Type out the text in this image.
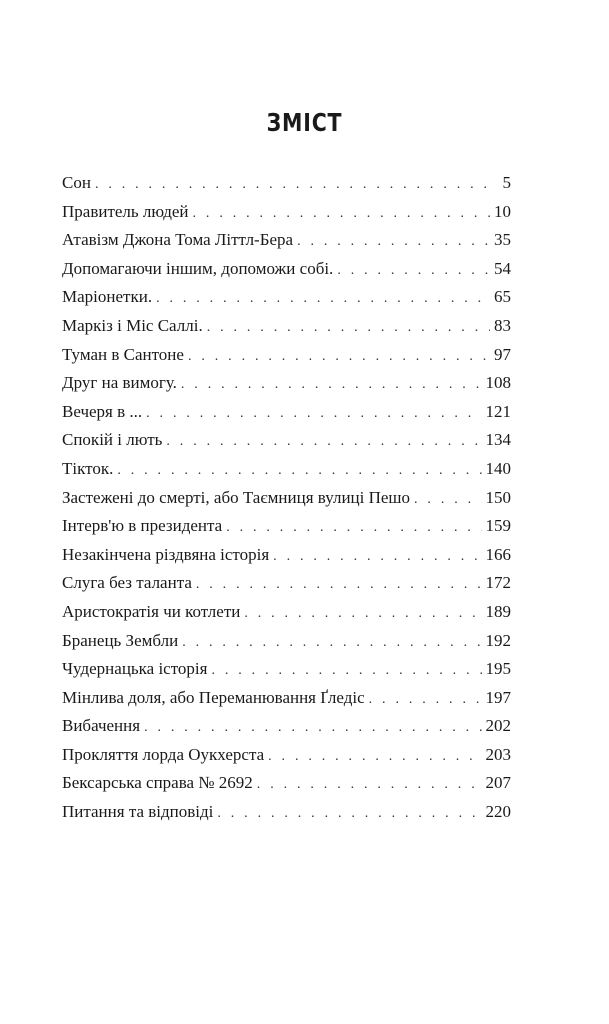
ЗМІСТ
Сон . . .	5
Правитель людей . . .	10
Атавізм Джона Тома Літтл-Бера . . .	35
Допомагаючи іншим, допоможи собі. . . .	54
Маріонетки. . . .	65
Маркіз і Міс Саллі. . . .	83
Туман в Сантоне . . .	97
Друг на вимогу. . . .	108
Вечеря в ... . . .	121
Спокій і лють . . .	134
Тікток. . . .	140
Застежені до смерті, або Таємниця вулиці Пешо . . .	150
Інтерв'ю в президента . . .	159
Незакінчена різдвяна історія . . .	166
Слуга без таланта . . .	172
Аристократія чи котлети . . .	189
Бранець Зембли . . .	192
Чудернацька історія . . .	195
Мінлива доля, або Переманювання Ґледіс . . .	197
Вибачення . . .	202
Прокляття лорда Оукхерста . . .	203
Бексарська справа № 2692 . . .	207
Питання та відповіді . . .	220
